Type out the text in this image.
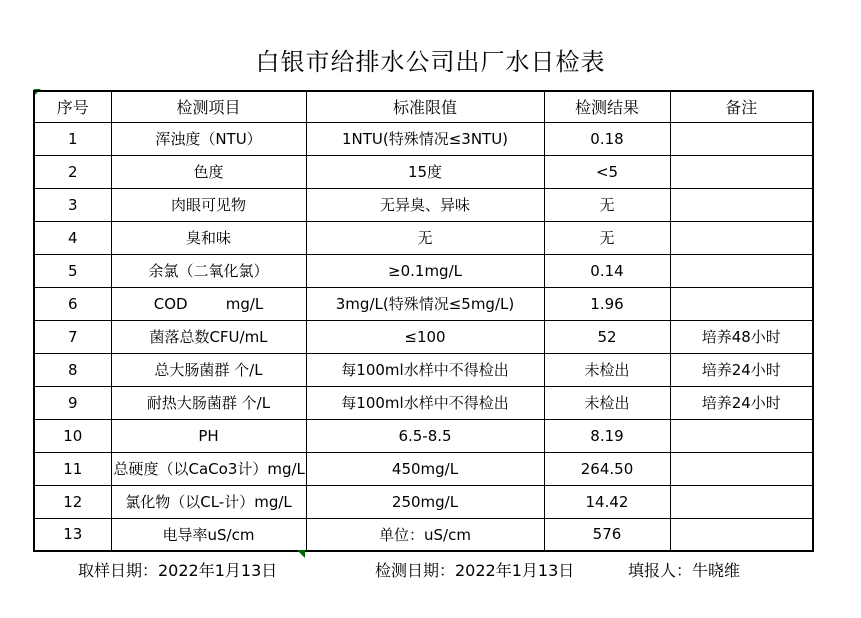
白银市给排水公司出厂水日检表
序号	检测项目	标准限值	检测结果	备注
1	浑浊度（NTU）	1NTU(特殊情况≤3NTU)	0.18	
2	色度	15度	<5	
3	肉眼可见物	无异臭、异味	无	
4	臭和味	无	无	
5	余氯（二氧化氯）	≥0.1mg/L	0.14	
6	COD        mg/L	3mg/L(特殊情况≤5mg/L)	1.96	
7	菌落总数CFU/mL	≤100	52	培养48小时
8	总大肠菌群 个/L	每100ml水样中不得检出	未检出	培养24小时
9	耐热大肠菌群 个/L	每100ml水样中不得检出	未检出	培养24小时
10	PH	6.5-8.5	8.19	
11	总硬度（以CaCo3计）mg/L	450mg/L	264.50	
12	氯化物（以CL-计）mg/L	250mg/L	14.42	
13	电导率uS/cm	单位：uS/cm	576	
取样日期：2022年1月13日	检测日期：2022年1月13日	填报人：牛晓维
